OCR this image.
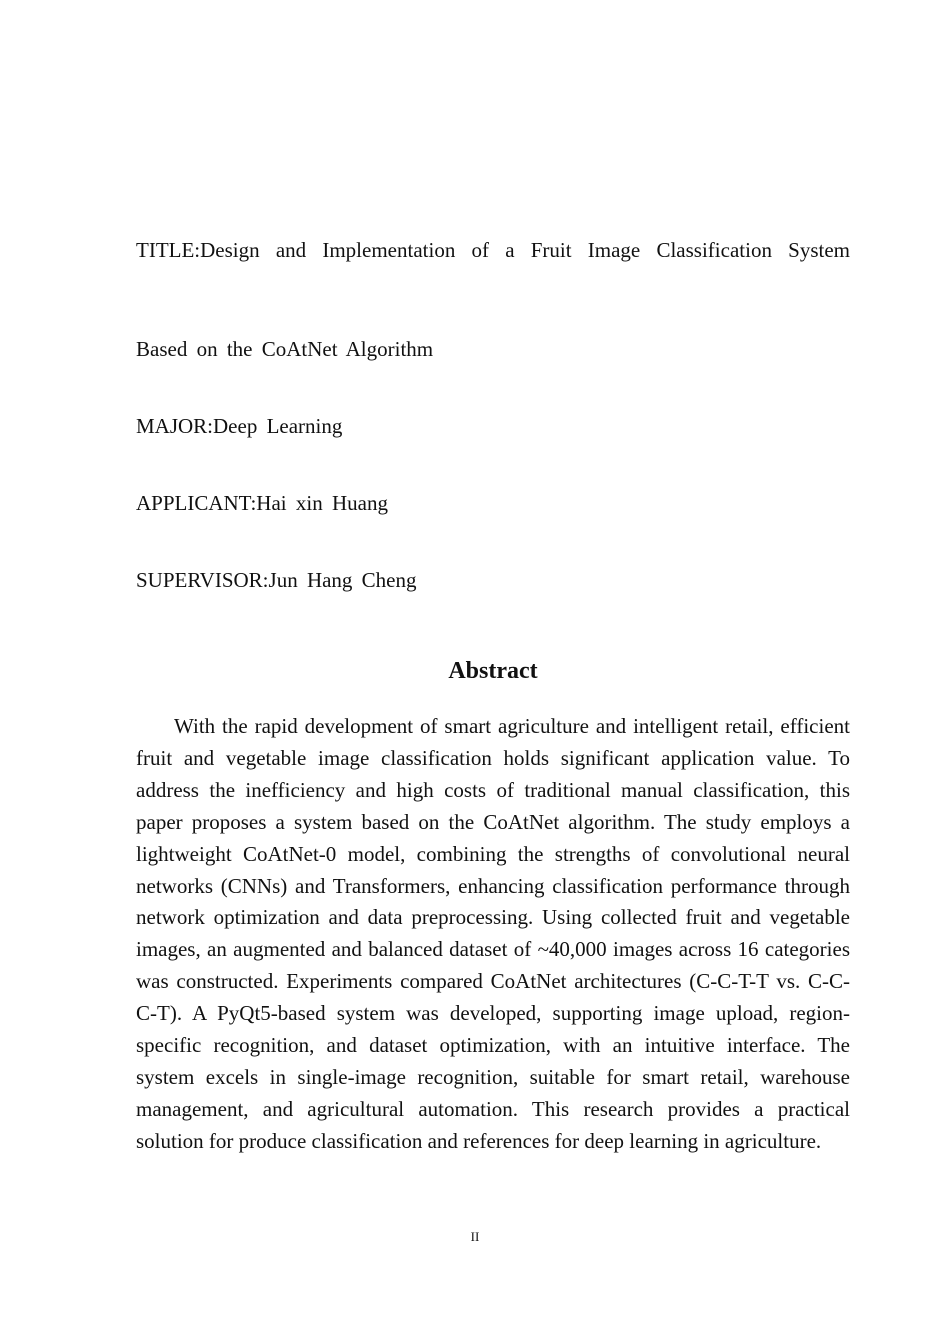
TITLE:Design and Implementation of a Fruit Image Classification System
Based on the CoAtNet Algorithm
MAJOR:Deep Learning
APPLICANT:Hai xin Huang
SUPERVISOR:Jun Hang Cheng
Abstract

With the rapid development of smart agriculture and intelligent retail, efficient fruit and vegetable image classification holds significant application value. To address the inefficiency and high costs of traditional manual classification, this paper proposes a system based on the CoAtNet algorithm. The study employs a lightweight CoAtNet-0 model, combining the strengths of convolutional neural networks (CNNs) and Transformers, enhancing classification performance through network optimization and data preprocessing. Using collected fruit and vegetable images, an augmented and balanced dataset of ~40,000 images across 16 categories was constructed. Experiments compared CoAtNet architectures (C-C-T-T vs. C-C-C-T). A PyQt5-based system was developed, supporting image upload, region-specific recognition, and dataset optimization, with an intuitive interface. The system excels in single-image recognition, suitable for smart retail, warehouse management, and agricultural automation. This research provides a practical solution for produce classification and references for deep learning in agriculture.

II
